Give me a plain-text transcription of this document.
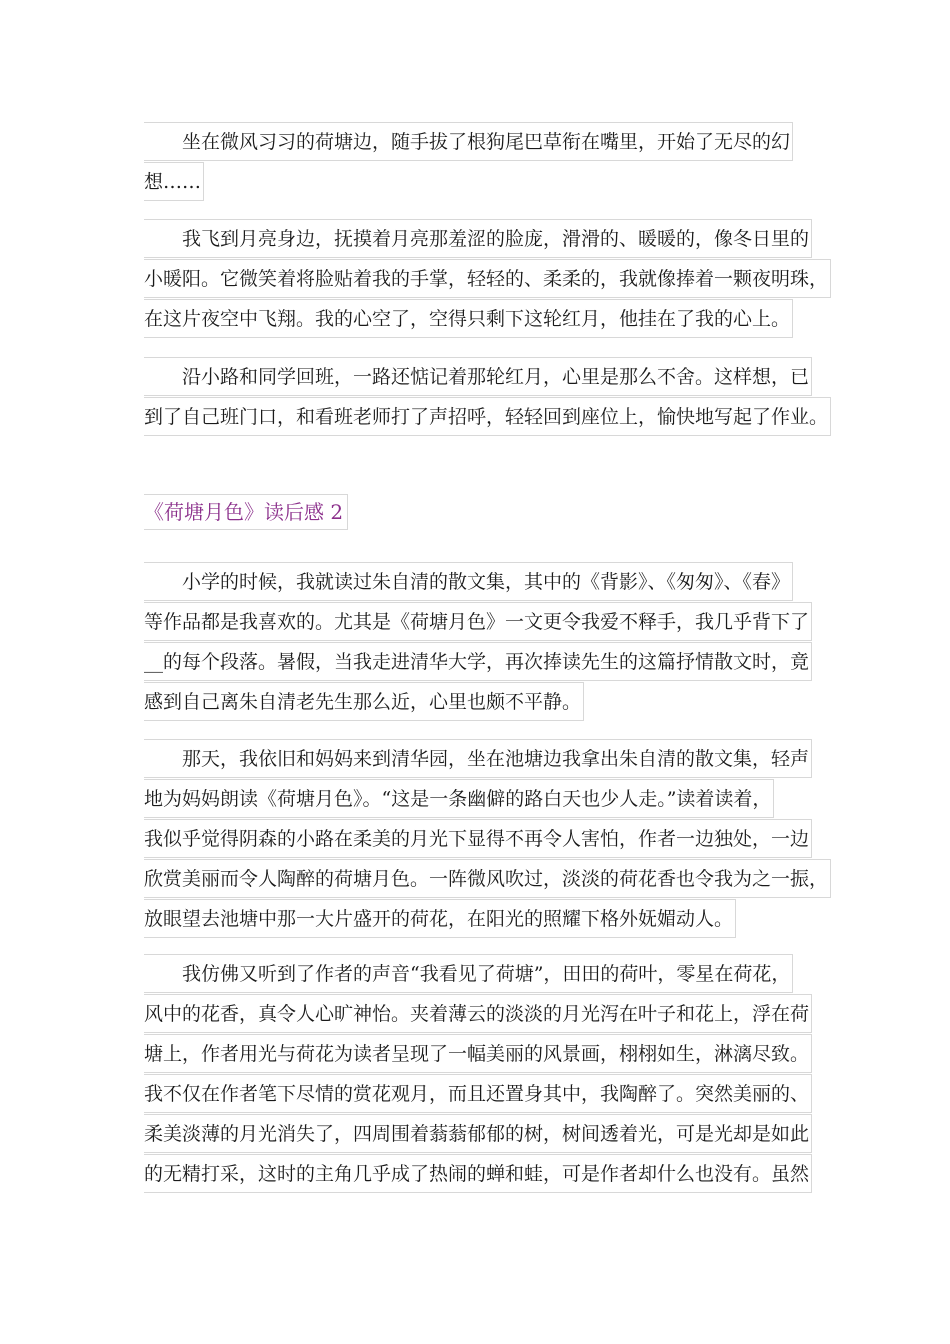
坐在微风习习的荷塘边，随手拔了根狗尾巴草衔在嘴里，开始了无尽的幻
想……
我飞到月亮身边，抚摸着月亮那羞涩的脸庞，滑滑的、暖暖的，像冬日里的
小暖阳。它微笑着将脸贴着我的手掌，轻轻的、柔柔的，我就像捧着一颗夜明珠，
在这片夜空中飞翔。我的心空了，空得只剩下这轮红月，他挂在了我的心上。
沿小路和同学回班，一路还惦记着那轮红月，心里是那么不舍。这样想，已
到了自己班门口，和看班老师打了声招呼，轻轻回到座位上，愉快地写起了作业。
《荷塘月色》读后感 2
小学的时候，我就读过朱自清的散文集，其中的《背影》、《匆匆》、《春》
等作品都是我喜欢的。尤其是《荷塘月色》一文更令我爱不释手，我几乎背下了
__的每个段落。暑假，当我走进清华大学，再次捧读先生的这篇抒情散文时，竟
感到自己离朱自清老先生那么近，心里也颇不平静。
那天，我依旧和妈妈来到清华园，坐在池塘边我拿出朱自清的散文集，轻声
地为妈妈朗读《荷塘月色》。“这是一条幽僻的路白天也少人走。”读着读着，
我似乎觉得阴森的小路在柔美的月光下显得不再令人害怕，作者一边独处，一边
欣赏美丽而令人陶醉的荷塘月色。一阵微风吹过，淡淡的荷花香也令我为之一振，
放眼望去池塘中那一大片盛开的荷花，在阳光的照耀下格外妩媚动人。
我仿佛又听到了作者的声音“我看见了荷塘”，田田的荷叶，零星在荷花，
风中的花香，真令人心旷神怡。夹着薄云的淡淡的月光泻在叶子和花上，浮在荷
塘上，作者用光与荷花为读者呈现了一幅美丽的风景画，栩栩如生，淋漓尽致。
我不仅在作者笔下尽情的赏花观月，而且还置身其中，我陶醉了。突然美丽的、
柔美淡薄的月光消失了，四周围着蓊蓊郁郁的树，树间透着光，可是光却是如此
的无精打采，这时的主角几乎成了热闹的蝉和蛙，可是作者却什么也没有。虽然
